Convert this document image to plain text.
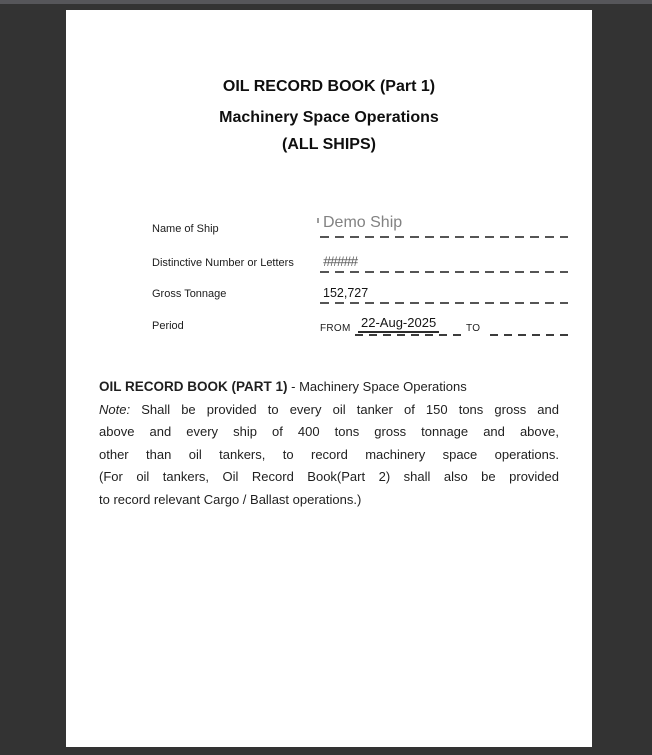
OIL RECORD BOOK (Part 1)
Machinery Space Operations
(ALL SHIPS)
Name of Ship
Distinctive Number or Letters
Gross Tonnage
Period
Demo Ship
#####
152,727
FROM 22-Aug-2025	TO
OIL RECORD BOOK (PART 1) - Machinery Space Operations
Note: Shall be provided to every oil tanker of 150 tons gross and
above and every ship of 400 tons gross tonnage and above,
other than oil tankers, to record machinery space operations.
(For oil tankers, Oil Record Book(Part 2) shall also be provided
to record relevant Cargo / Ballast operations.)
